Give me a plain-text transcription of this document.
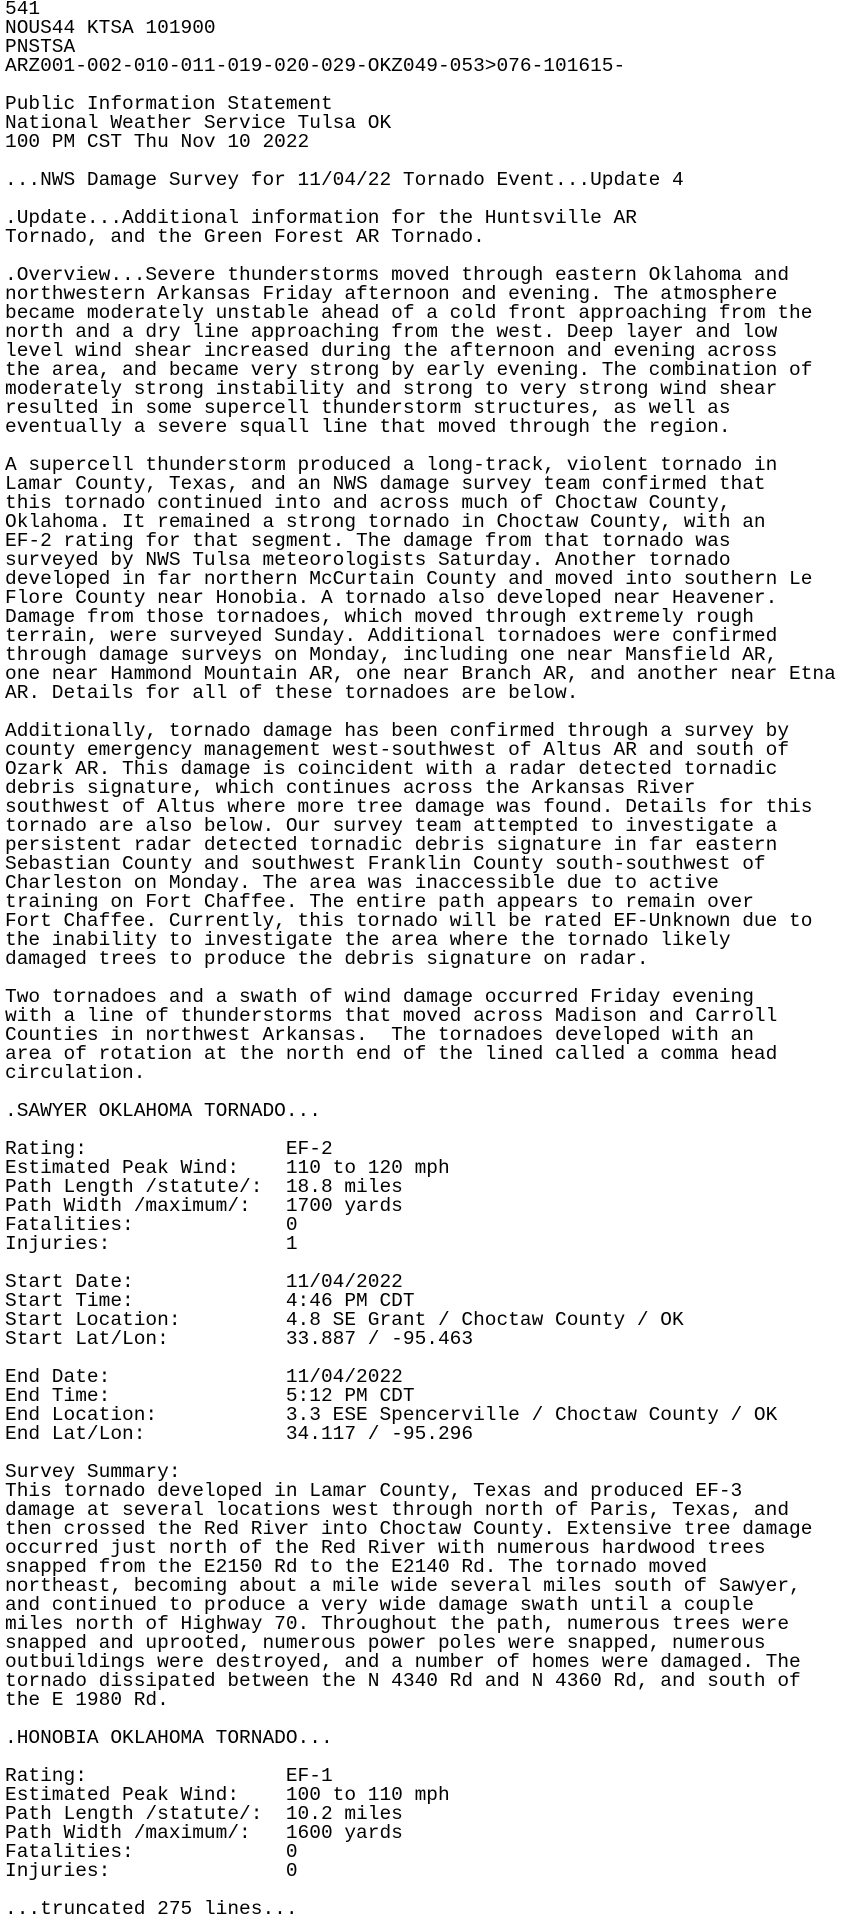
541
NOUS44 KTSA 101900
PNSTSA
ARZ001-002-010-011-019-020-029-OKZ049-053>076-101615-
Public Information Statement
National Weather Service Tulsa OK
100 PM CST Thu Nov 10 2022
...NWS Damage Survey for 11/04/22 Tornado Event...Update 4
.Update...Additional information for the Huntsville AR
Tornado, and the Green Forest AR Tornado.
.Overview...Severe thunderstorms moved through eastern Oklahoma and
northwestern Arkansas Friday afternoon and evening. The atmosphere
became moderately unstable ahead of a cold front approaching from the
north and a dry line approaching from the west. Deep layer and low
level wind shear increased during the afternoon and evening across
the area, and became very strong by early evening. The combination of
moderately strong instability and strong to very strong wind shear
resulted in some supercell thunderstorm structures, as well as
eventually a severe squall line that moved through the region.
A supercell thunderstorm produced a long-track, violent tornado in
Lamar County, Texas, and an NWS damage survey team confirmed that
this tornado continued into and across much of Choctaw County,
Oklahoma. It remained a strong tornado in Choctaw County, with an
EF-2 rating for that segment. The damage from that tornado was
surveyed by NWS Tulsa meteorologists Saturday. Another tornado
developed in far northern McCurtain County and moved into southern Le
Flore County near Honobia. A tornado also developed near Heavener.
Damage from those tornadoes, which moved through extremely rough
terrain, were surveyed Sunday. Additional tornadoes were confirmed
through damage surveys on Monday, including one near Mansfield AR,
one near Hammond Mountain AR, one near Branch AR, and another near Etna
AR. Details for all of these tornadoes are below.
Additionally, tornado damage has been confirmed through a survey by
county emergency management west-southwest of Altus AR and south of
Ozark AR. This damage is coincident with a radar detected tornadic
debris signature, which continues across the Arkansas River
southwest of Altus where more tree damage was found. Details for this
tornado are also below. Our survey team attempted to investigate a
persistent radar detected tornadic debris signature in far eastern
Sebastian County and southwest Franklin County south-southwest of
Charleston on Monday. The area was inaccessible due to active
training on Fort Chaffee. The entire path appears to remain over
Fort Chaffee. Currently, this tornado will be rated EF-Unknown due to
the inability to investigate the area where the tornado likely
damaged trees to produce the debris signature on radar.
Two tornadoes and a swath of wind damage occurred Friday evening
with a line of thunderstorms that moved across Madison and Carroll
Counties in northwest Arkansas.  The tornadoes developed with an
area of rotation at the north end of the lined called a comma head
circulation.
.SAWYER OKLAHOMA TORNADO...
Rating:                 EF-2
Estimated Peak Wind:    110 to 120 mph
Path Length /statute/:  18.8 miles
Path Width /maximum/:   1700 yards
Fatalities:             0
Injuries:               1
Start Date:             11/04/2022
Start Time:             4:46 PM CDT
Start Location:         4.8 SE Grant / Choctaw County / OK
Start Lat/Lon:          33.887 / -95.463
End Date:               11/04/2022
End Time:               5:12 PM CDT
End Location:           3.3 ESE Spencerville / Choctaw County / OK
End Lat/Lon:            34.117 / -95.296
Survey Summary:
This tornado developed in Lamar County, Texas and produced EF-3
damage at several locations west through north of Paris, Texas, and
then crossed the Red River into Choctaw County. Extensive tree damage
occurred just north of the Red River with numerous hardwood trees
snapped from the E2150 Rd to the E2140 Rd. The tornado moved
northeast, becoming about a mile wide several miles south of Sawyer,
and continued to produce a very wide damage swath until a couple
miles north of Highway 70. Throughout the path, numerous trees were
snapped and uprooted, numerous power poles were snapped, numerous
outbuildings were destroyed, and a number of homes were damaged. The
tornado dissipated between the N 4340 Rd and N 4360 Rd, and south of
the E 1980 Rd.
.HONOBIA OKLAHOMA TORNADO...
Rating:                 EF-1
Estimated Peak Wind:    100 to 110 mph
Path Length /statute/:  10.2 miles
Path Width /maximum/:   1600 yards
Fatalities:             0
Injuries:               0
...truncated 275 lines...
